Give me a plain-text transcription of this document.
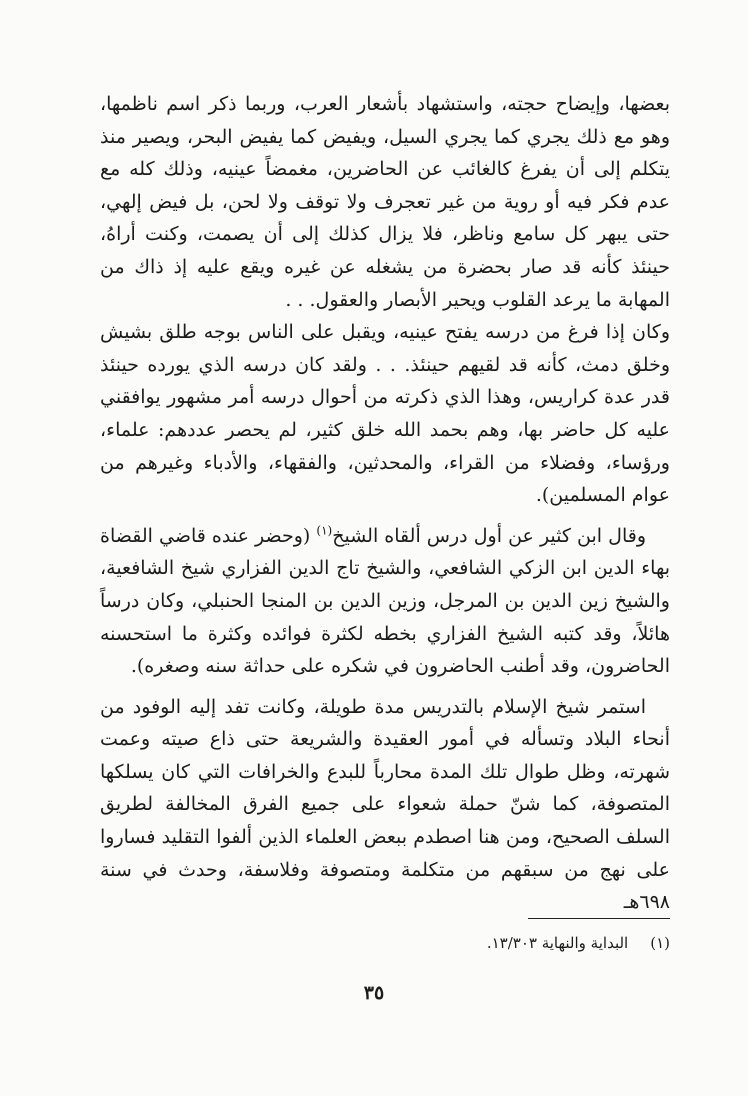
بعضها، وإيضاح حجته، واستشهاد بأشعار العرب، وربما ذكر اسم ناظمها، وهو مع ذلك يجري كما يجري السيل، ويفيض كما يفيض البحر، ويصير منذ يتكلم إلى أن يفرغ كالغائب عن الحاضرين، مغمضاً عينيه، وذلك كله مع عدم فكر فيه أو روية من غير تعجرف ولا توقف ولا لحن، بل فيض إلهي، حتى يبهر كل سامع وناظر، فلا يزال كذلك إلى أن يصمت، وكنت أراهُ، حينئذ كأنه قد صار بحضرة من يشغله عن غيره ويقع عليه إذ ذاك من المهابة ما يرعد القلوب ويحير الأبصار والعقول. . .

وكان إذا فرغ من درسه يفتح عينيه، ويقبل على الناس بوجه طلق بشيش وخلق دمث، كأنه قد لقيهم حينئذ. . . ولقد كان درسه الذي يورده حينئذ قدر عدة كراريس، وهذا الذي ذكرته من أحوال درسه أمر مشهور يوافقني عليه كل حاضر بها، وهم بحمد الله خلق كثير، لم يحصر عددهم: علماء، ورؤساء، وفضلاء من القراء، والمحدثين، والفقهاء، والأدباء وغيرهم من عوام المسلمين).

وقال ابن كثير عن أول درس ألقاه الشيخ$^{(١)}$ (وحضر عنده قاضي القضاة بهاء الدين ابن الزكي الشافعي، والشيخ تاج الدين الفزاري شيخ الشافعية، والشيخ زين الدين بن المرجل، وزين الدين بن المنجا الحنبلي، وكان درساً هائلاً، وقد كتبه الشيخ الفزاري بخطه لكثرة فوائده وكثرة ما استحسنه الحاضرون، وقد أطنب الحاضرون في شكره على حداثة سنه وصغره).

استمر شيخ الإسلام بالتدريس مدة طويلة، وكانت تفد إليه الوفود من أنحاء البلاد وتسأله في أمور العقيدة والشريعة حتى ذاع صيته وعمت شهرته، وظل طوال تلك المدة محارباً للبدع والخرافات التي كان يسلكها المتصوفة، كما شنّ حملة شعواء على جميع الفرق المخالفة لطريق السلف الصحيح، ومن هنا اصطدم ببعض العلماء الذين ألفوا التقليد فساروا على نهج من سبقهم من متكلمة ومتصوفة وفلاسفة، وحدث في سنة ٦٩٨هـ

(١)البداية والنهاية ١٣/٣٠٣.
٣٥
